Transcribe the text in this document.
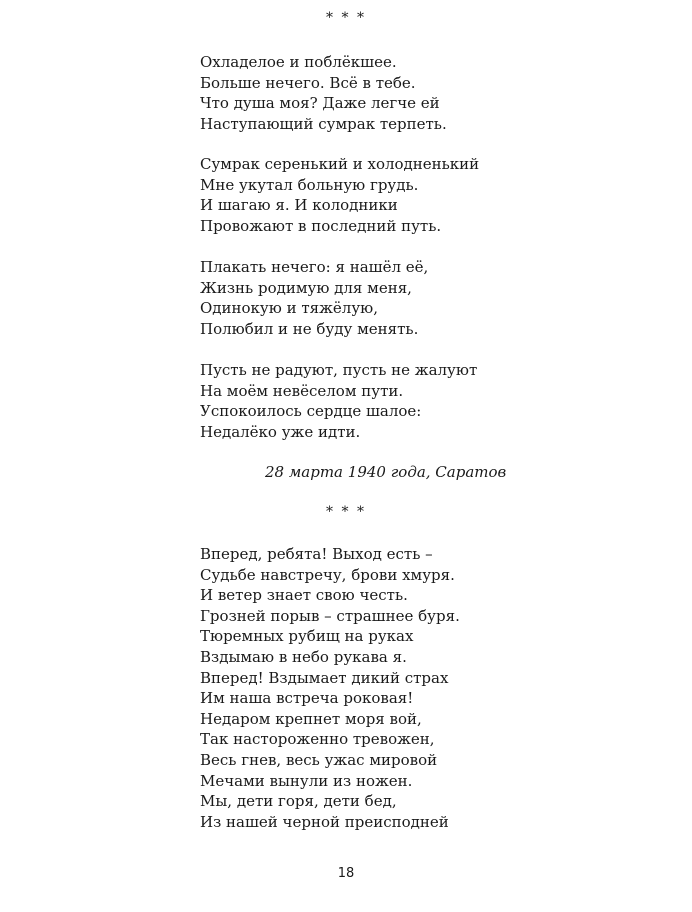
* * *
Охладелое и поблёкшее.
Больше нечего. Всё в тебе.
Что душа моя? Даже легче ей
Наступающий сумрак терпеть.
Сумрак серенький и холодненький
Мне укутал больную грудь.
И шагаю я. И колодники
Провожают в последний путь.
Плакать нечего: я нашёл её,
Жизнь родимую для меня,
Одинокую и тяжёлую,
Полюбил и не буду менять.
Пусть не радуют, пусть не жалуют
На моём невёселом пути.
Успокоилось сердце шалое:
Недалёко уже идти.
28 марта 1940 года, Саратов
* * *
Вперед, ребята! Выход есть –
Судьбе навстречу, брови хмуря.
И ветер знает свою честь.
Грозней порыв – страшнее буря.
Тюремных рубищ на руках
Вздымаю в небо рукава я.
Вперед! Вздымает дикий страх
Им наша встреча роковая!
Недаром крепнет моря вой,
Так настороженно тревожен,
Весь гнев, весь ужас мировой
Мечами вынули из ножен.
Мы, дети горя, дети бед,
Из нашей черной преисподней
18
